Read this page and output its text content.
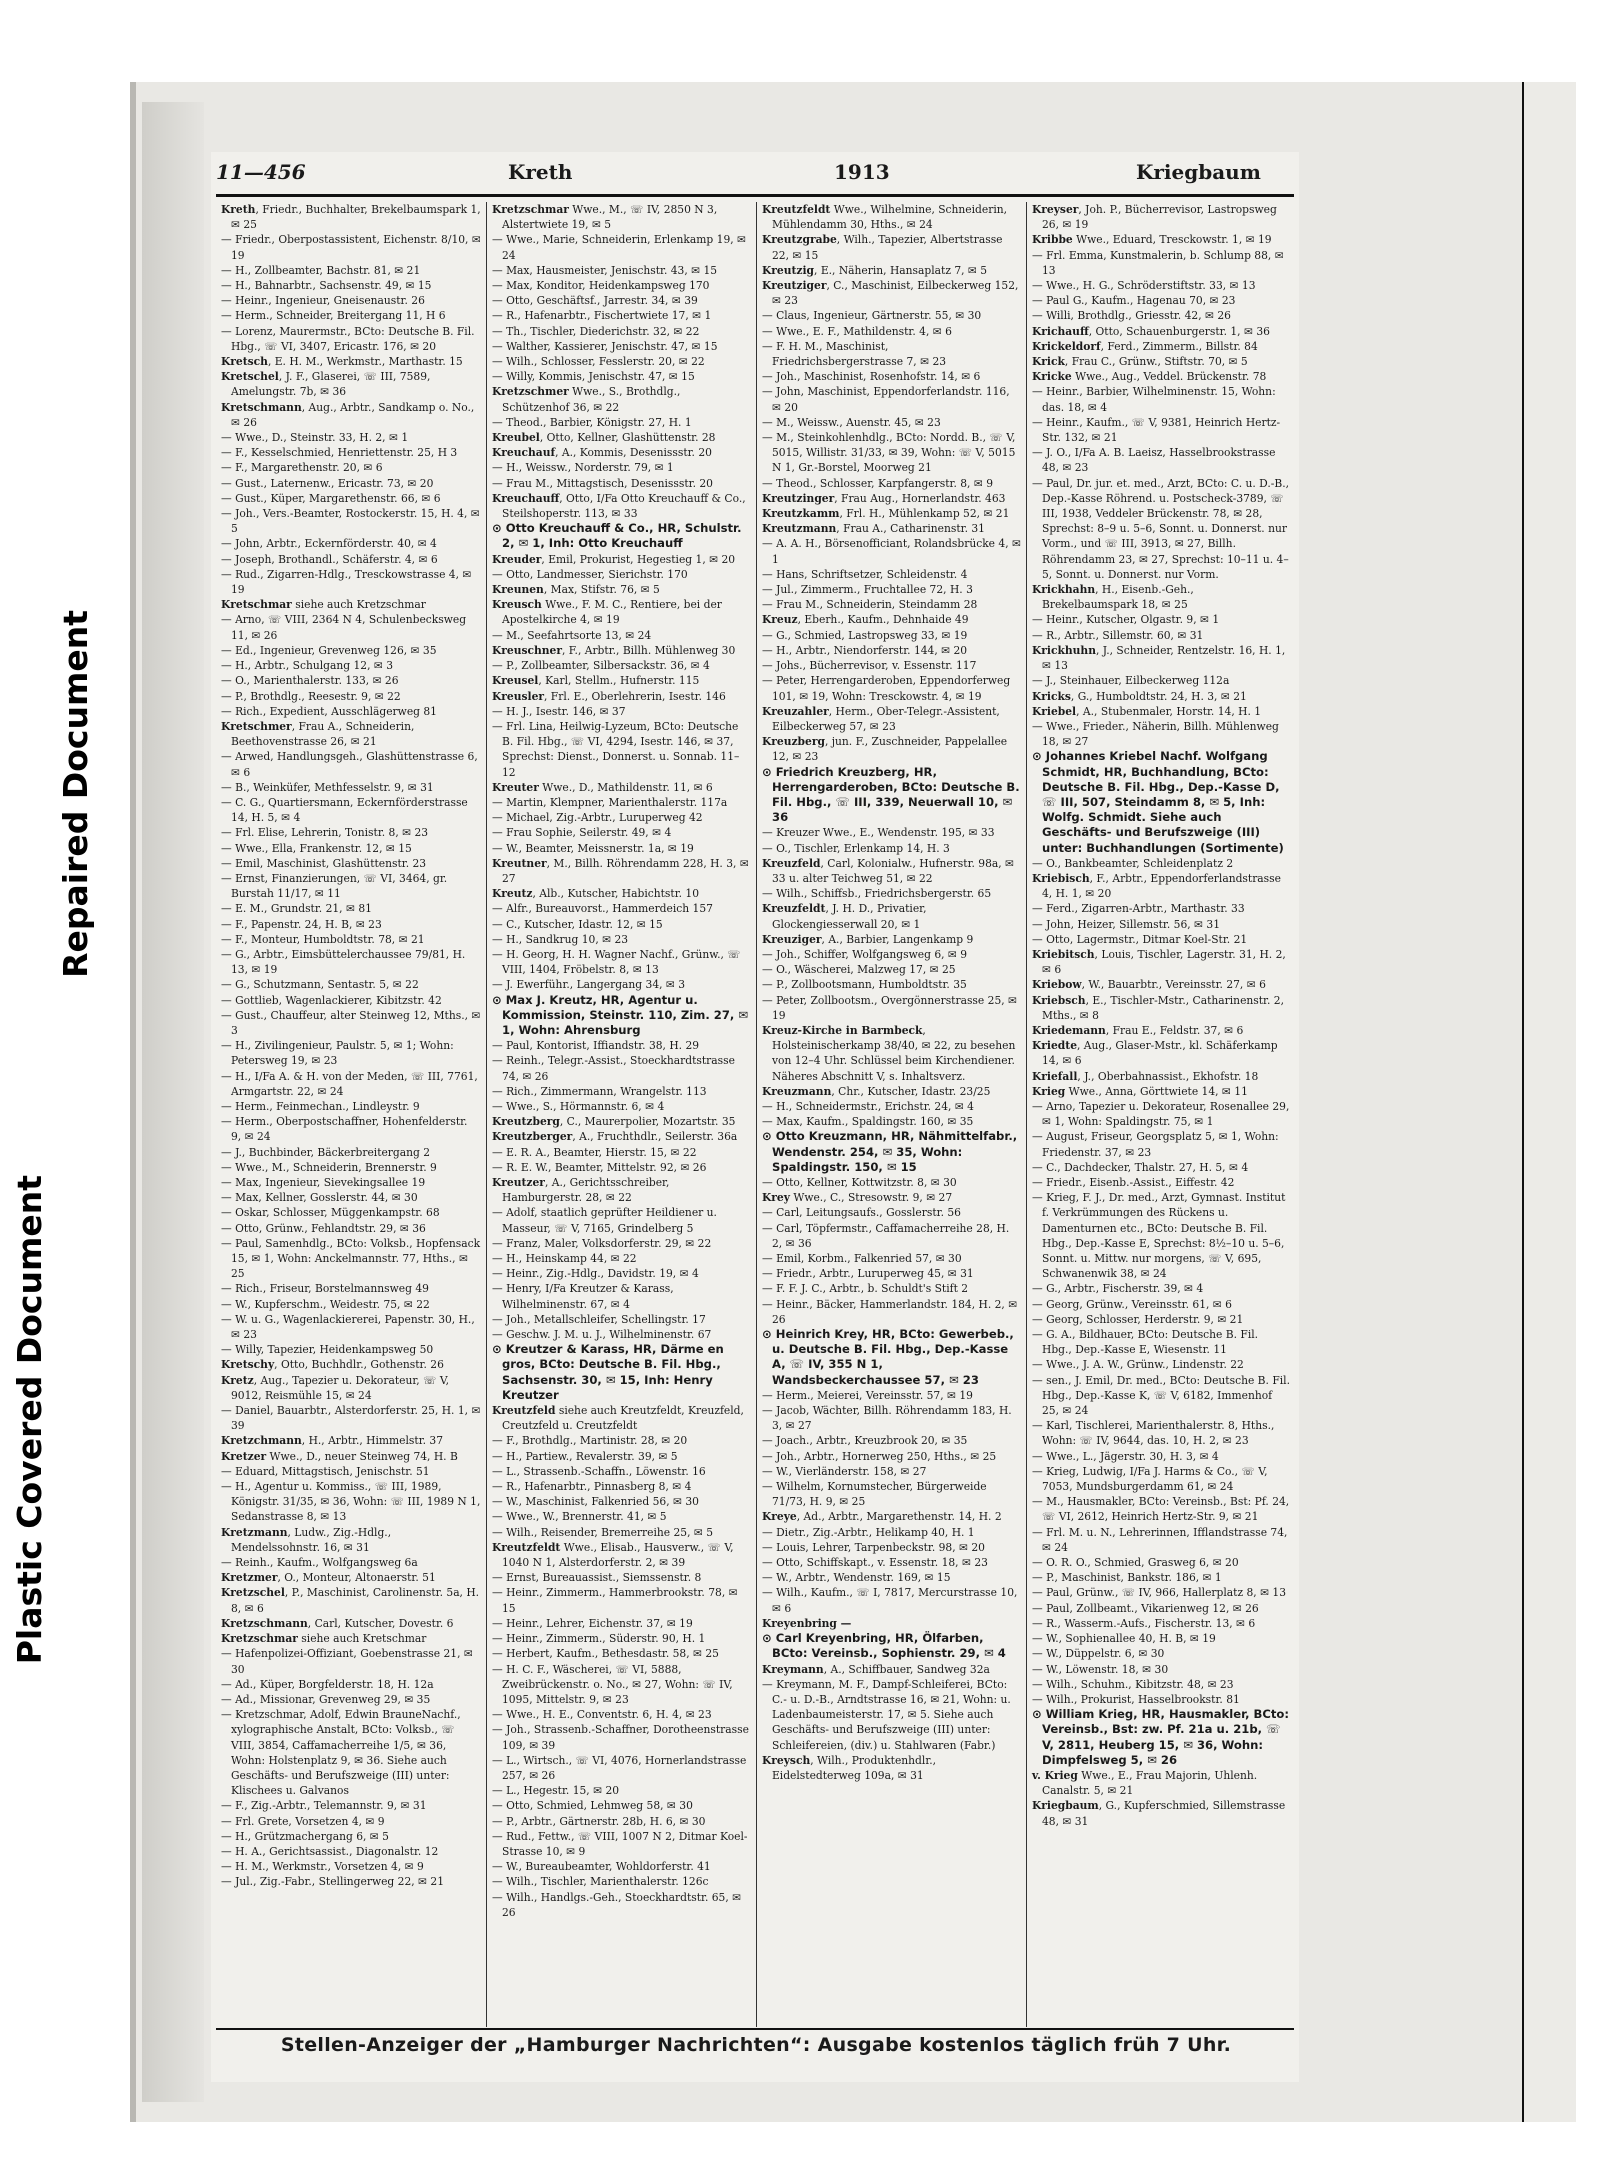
Plastic Covered Document
Repaired Document
11—456	Kreth	1913	Kriegbaum

Kreth, Friedr., Buchhalter, Brekelbaumspark 1, ✉ 25

— Friedr., Oberpostassistent, Eichenstr. 8/10, ✉ 19

— H., Zollbeamter, Bachstr. 81, ✉ 21

— H., Bahnarbtr., Sachsenstr. 49, ✉ 15

— Heinr., Ingenieur, Gneisenaustr. 26

— Herm., Schneider, Breitergang 11, H 6

— Lorenz, Maurermstr., BCto: Deutsche B. Fil. Hbg., ☏ VI, 3407, Ericastr. 176, ✉ 20

Kretsch, E. H. M., Werkmstr., Marthastr. 15

Kretschel, J. F., Glaserei, ☏ III, 7589, Amelungstr. 7b, ✉ 36

Kretschmann, Aug., Arbtr., Sandkamp o. No., ✉ 26

— Wwe., D., Steinstr. 33, H. 2, ✉ 1

— F., Kesselschmied, Henriettenstr. 25, H 3

— F., Margarethenstr. 20, ✉ 6

— Gust., Laternenw., Ericastr. 73, ✉ 20

— Gust., Küper, Margarethenstr. 66, ✉ 6

— Joh., Vers.-Beamter, Rostockerstr. 15, H. 4, ✉ 5

— John, Arbtr., Eckernförderstr. 40, ✉ 4

— Joseph, Brothandl., Schäferstr. 4, ✉ 6

— Rud., Zigarren-Hdlg., Tresckowstrasse 4, ✉ 19

Kretschmar siehe auch Kretzschmar

— Arno, ☏ VIII, 2364 N 4, Schulenbecksweg 11, ✉ 26

— Ed., Ingenieur, Grevenweg 126, ✉ 35

— H., Arbtr., Schulgang 12, ✉ 3

— O., Marienthalerstr. 133, ✉ 26

— P., Brothdlg., Reesestr. 9, ✉ 22

— Rich., Expedient, Ausschlägerweg 81

Kretschmer, Frau A., Schneiderin, Beethovenstrasse 26, ✉ 21

— Arwed, Handlungsgeh., Glashüttenstrasse 6, ✉ 6

— B., Weinküfer, Methfesselstr. 9, ✉ 31

— C. G., Quartiersmann, Eckernförderstrasse 14, H. 5, ✉ 4

— Frl. Elise, Lehrerin, Tonistr. 8, ✉ 23

— Wwe., Ella, Frankenstr. 12, ✉ 15

— Emil, Maschinist, Glashüttenstr. 23

— Ernst, Finanzierungen, ☏ VI, 3464, gr. Burstah 11/17, ✉ 11

— E. M., Grundstr. 21, ✉ 81

— F., Papenstr. 24, H. B, ✉ 23

— F., Monteur, Humboldtstr. 78, ✉ 21

— G., Arbtr., Eimsbüttelerchaussee 79/81, H. 13, ✉ 19

— G., Schutzmann, Sentastr. 5, ✉ 22

— Gottlieb, Wagenlackierer, Kibitzstr. 42

— Gust., Chauffeur, alter Steinweg 12, Mths., ✉ 3

— H., Zivilingenieur, Paulstr. 5, ✉ 1; Wohn: Petersweg 19, ✉ 23

— H., I/Fa A. & H. von der Meden, ☏ III, 7761, Armgartstr. 22, ✉ 24

— Herm., Feinmechan., Lindleystr. 9

— Herm., Oberpostschaffner, Hohenfelderstr. 9, ✉ 24

— J., Buchbinder, Bäckerbreitergang 2

— Wwe., M., Schneiderin, Brennerstr. 9

— Max, Ingenieur, Sievekingsallee 19

— Max, Kellner, Gosslerstr. 44, ✉ 30

— Oskar, Schlosser, Müggenkampstr. 68

— Otto, Grünw., Fehlandtstr. 29, ✉ 36

— Paul, Samenhdlg., BCto: Volksb., Hopfensack 15, ✉ 1, Wohn: Anckelmannstr. 77, Hths., ✉ 25

— Rich., Friseur, Borstelmannsweg 49

— W., Kupferschm., Weidestr. 75, ✉ 22

— W. u. G., Wagenlackiererei, Papenstr. 30, H., ✉ 23

— Willy, Tapezier, Heidenkampsweg 50

Kretschy, Otto, Buchhdlr., Gothenstr. 26

Kretz, Aug., Tapezier u. Dekorateur, ☏ V, 9012, Reismühle 15, ✉ 24

— Daniel, Bauarbtr., Alsterdorferstr. 25, H. 1, ✉ 39

Kretzchmann, H., Arbtr., Himmelstr. 37

Kretzer Wwe., D., neuer Steinweg 74, H. B

— Eduard, Mittagstisch, Jenischstr. 51

— H., Agentur u. Kommiss., ☏ III, 1989, Königstr. 31/35, ✉ 36, Wohn: ☏ III, 1989 N 1, Sedanstrasse 8, ✉ 13

Kretzmann, Ludw., Zig.-Hdlg., Mendelssohnstr. 16, ✉ 31

— Reinh., Kaufm., Wolfgangsweg 6a

Kretzmer, O., Monteur, Altonaerstr. 51

Kretzschel, P., Maschinist, Carolinenstr. 5a, H. 8, ✉ 6

Kretzschmann, Carl, Kutscher, Dovestr. 6

Kretzschmar siehe auch Kretschmar

— Hafenpolizei-Offiziant, Goebenstrasse 21, ✉ 30

— Ad., Küper, Borgfelderstr. 18, H. 12a

— Ad., Missionar, Grevenweg 29, ✉ 35

— Kretzschmar, Adolf, Edwin BrauneNachf., xylographische Anstalt, BCto: Volksb., ☏ VIII, 3854, Caffamacherreihe 1/5, ✉ 36, Wohn: Holstenplatz 9, ✉ 36. Siehe auch Geschäfts- und Berufszweige (III) unter: Klischees u. Galvanos

— F., Zig.-Arbtr., Telemannstr. 9, ✉ 31

— Frl. Grete, Vorsetzen 4, ✉ 9

— H., Grützmachergang 6, ✉ 5

— H. A., Gerichtsassist., Diagonalstr. 12

— H. M., Werkmstr., Vorsetzen 4, ✉ 9

— Jul., Zig.-Fabr., Stellingerweg 22, ✉ 21

Kretzschmar Wwe., M., ☏ IV, 2850 N 3, Alstertwiete 19, ✉ 5

— Wwe., Marie, Schneiderin, Erlenkamp 19, ✉ 24

— Max, Hausmeister, Jenischstr. 43, ✉ 15

— Max, Konditor, Heidenkampsweg 170

— Otto, Geschäftsf., Jarrestr. 34, ✉ 39

— R., Hafenarbtr., Fischertwiete 17, ✉ 1

— Th., Tischler, Diederichstr. 32, ✉ 22

— Walther, Kassierer, Jenischstr. 47, ✉ 15

— Wilh., Schlosser, Fesslerstr. 20, ✉ 22

— Willy, Kommis, Jenischstr. 47, ✉ 15

Kretzschmer Wwe., S., Brothdlg., Schützenhof 36, ✉ 22

— Theod., Barbier, Königstr. 27, H. 1

Kreubel, Otto, Kellner, Glashüttenstr. 28

Kreuchauf, A., Kommis, Desenissstr. 20

— H., Weissw., Norderstr. 79, ✉ 1

— Frau M., Mittagstisch, Desenissstr. 20

Kreuchauff, Otto, I/Fa Otto Kreuchauff & Co., Steilshoperstr. 113, ✉ 33

⊙ Otto Kreuchauff & Co., HR, Schulstr. 2, ✉ 1, Inh: Otto Kreuchauff

Kreuder, Emil, Prokurist, Hegestieg 1, ✉ 20

— Otto, Landmesser, Sierichstr. 170

Kreunen, Max, Stifstr. 76, ✉ 5

Kreusch Wwe., F. M. C., Rentiere, bei der Apostelkirche 4, ✉ 19

— M., Seefahrtsorte 13, ✉ 24

Kreuschner, F., Arbtr., Billh. Mühlenweg 30

— P., Zollbeamter, Silbersackstr. 36, ✉ 4

Kreusel, Karl, Stellm., Hufnerstr. 115

Kreusler, Frl. E., Oberlehrerin, Isestr. 146

— H. J., Isestr. 146, ✉ 37

— Frl. Lina, Heilwig-Lyzeum, BCto: Deutsche B. Fil. Hbg., ☏ VI, 4294, Isestr. 146, ✉ 37, Sprechst: Dienst., Donnerst. u. Sonnab. 11–12

Kreuter Wwe., D., Mathildenstr. 11, ✉ 6

— Martin, Klempner, Marienthalerstr. 117a

— Michael, Zig.-Arbtr., Luruperweg 42

— Frau Sophie, Seilerstr. 49, ✉ 4

— W., Beamter, Meissnerstr. 1a, ✉ 19

Kreutner, M., Billh. Röhrendamm 228, H. 3, ✉ 27

Kreutz, Alb., Kutscher, Habichtstr. 10

— Alfr., Bureauvorst., Hammerdeich 157

— C., Kutscher, Idastr. 12, ✉ 15

— H., Sandkrug 10, ✉ 23

— H. Georg, H. H. Wagner Nachf., Grünw., ☏ VIII, 1404, Fröbelstr. 8, ✉ 13

— J. Ewerführ., Langergang 34, ✉ 3

⊙ Max J. Kreutz, HR, Agentur u. Kommission, Steinstr. 110, Zim. 27, ✉ 1, Wohn: Ahrensburg

— Paul, Kontorist, Iffiandstr. 38, H. 29

— Reinh., Telegr.-Assist., Stoeckhardtstrasse 74, ✉ 26

— Rich., Zimmermann, Wrangelstr. 113

— Wwe., S., Hörmannstr. 6, ✉ 4

Kreutzberg, C., Maurerpolier, Mozartstr. 35

Kreutzberger, A., Fruchthdlr., Seilerstr. 36a

— E. R. A., Beamter, Hierstr. 15, ✉ 22

— R. E. W., Beamter, Mittelstr. 92, ✉ 26

Kreutzer, A., Gerichtsschreiber, Hamburgerstr. 28, ✉ 22

— Adolf, staatlich geprüfter Heildiener u. Masseur, ☏ V, 7165, Grindelberg 5

— Franz, Maler, Volksdorferstr. 29, ✉ 22

— H., Heinskamp 44, ✉ 22

— Heinr., Zig.-Hdlg., Davidstr. 19, ✉ 4

— Henry, I/Fa Kreutzer & Karass, Wilhelminenstr. 67, ✉ 4

— Joh., Metallschleifer, Schellingstr. 17

— Geschw. J. M. u. J., Wilhelminenstr. 67

⊙ Kreutzer & Karass, HR, Därme en gros, BCto: Deutsche B. Fil. Hbg., Sachsenstr. 30, ✉ 15, Inh: Henry Kreutzer

Kreutzfeld siehe auch Kreutzfeldt, Kreuzfeld, Creutzfeld u. Creutzfeldt

— F., Brothdlg., Martinistr. 28, ✉ 20

— H., Partiew., Revalerstr. 39, ✉ 5

— L., Strassenb.-Schaffn., Löwenstr. 16

— R., Hafenarbtr., Pinnasberg 8, ✉ 4

— W., Maschinist, Falkenried 56, ✉ 30

— Wwe., W., Brennerstr. 41, ✉ 5

— Wilh., Reisender, Bremerreihe 25, ✉ 5

Kreutzfeldt Wwe., Elisab., Hausverw., ☏ V, 1040 N 1, Alsterdorferstr. 2, ✉ 39

— Ernst, Bureauassist., Siemssenstr. 8

— Heinr., Zimmerm., Hammerbrookstr. 78, ✉ 15

— Heinr., Lehrer, Eichenstr. 37, ✉ 19

— Heinr., Zimmerm., Süderstr. 90, H. 1

— Herbert, Kaufm., Bethesdastr. 58, ✉ 25

— H. C. F., Wäscherei, ☏ VI, 5888, Zweibrückenstr. o. No., ✉ 27, Wohn: ☏ IV, 1095, Mittelstr. 9, ✉ 23

— Wwe., H. E., Conventstr. 6, H. 4, ✉ 23

— Joh., Strassenb.-Schaffner, Dorotheenstrasse 109, ✉ 39

— L., Wirtsch., ☏ VI, 4076, Hornerlandstrasse 257, ✉ 26

— L., Hegestr. 15, ✉ 20

— Otto, Schmied, Lehmweg 58, ✉ 30

— P., Arbtr., Gärtnerstr. 28b, H. 6, ✉ 30

— Rud., Fettw., ☏ VIII, 1007 N 2, Ditmar Koel-Strasse 10, ✉ 9

— W., Bureaubeamter, Wohldorferstr. 41

— Wilh., Tischler, Marienthalerstr. 126c

— Wilh., Handlgs.-Geh., Stoeckhardtstr. 65, ✉ 26

Kreutzfeldt Wwe., Wilhelmine, Schneiderin, Mühlendamm 30, Hths., ✉ 24

Kreutzgrabe, Wilh., Tapezier, Albertstrasse 22, ✉ 15

Kreutzig, E., Näherin, Hansaplatz 7, ✉ 5

Kreutziger, C., Maschinist, Eilbeckerweg 152, ✉ 23

— Claus, Ingenieur, Gärtnerstr. 55, ✉ 30

— Wwe., E. F., Mathildenstr. 4, ✉ 6

— F. H. M., Maschinist, Friedrichsbergerstrasse 7, ✉ 23

— Joh., Maschinist, Rosenhofstr. 14, ✉ 6

— John, Maschinist, Eppendorferlandstr. 116, ✉ 20

— M., Weissw., Auenstr. 45, ✉ 23

— M., Steinkohlenhdlg., BCto: Nordd. B., ☏ V, 5015, Willistr. 31/33, ✉ 39, Wohn: ☏ V, 5015 N 1, Gr.-Borstel, Moorweg 21

— Theod., Schlosser, Karpfangerstr. 8, ✉ 9

Kreutzinger, Frau Aug., Hornerlandstr. 463

Kreutzkamm, Frl. H., Mühlenkamp 52, ✉ 21

Kreutzmann, Frau A., Catharinenstr. 31

— A. A. H., Börsenofficiant, Rolandsbrücke 4, ✉ 1

— Hans, Schriftsetzer, Schleidenstr. 4

— Jul., Zimmerm., Fruchtallee 72, H. 3

— Frau M., Schneiderin, Steindamm 28

Kreuz, Eberh., Kaufm., Dehnhaide 49

— G., Schmied, Lastropsweg 33, ✉ 19

— H., Arbtr., Niendorferstr. 144, ✉ 20

— Johs., Bücherrevisor, v. Essenstr. 117

— Peter, Herrengarderoben, Eppendorferweg 101, ✉ 19, Wohn: Tresckowstr. 4, ✉ 19

Kreuzahler, Herm., Ober-Telegr.-Assistent, Eilbeckerweg 57, ✉ 23

Kreuzberg, jun. F., Zuschneider, Pappelallee 12, ✉ 23

⊙ Friedrich Kreuzberg, HR, Herrengarderoben, BCto: Deutsche B. Fil. Hbg., ☏ III, 339, Neuerwall 10, ✉ 36

— Kreuzer Wwe., E., Wendenstr. 195, ✉ 33

— O., Tischler, Erlenkamp 14, H. 3

Kreuzfeld, Carl, Kolonialw., Hufnerstr. 98a, ✉ 33 u. alter Teichweg 51, ✉ 22

— Wilh., Schiffsb., Friedrichsbergerstr. 65

Kreuzfeldt, J. H. D., Privatier, Glockengiesserwall 20, ✉ 1

Kreuziger, A., Barbier, Langenkamp 9

— Joh., Schiffer, Wolfgangsweg 6, ✉ 9

— O., Wäscherei, Malzweg 17, ✉ 25

— P., Zollbootsmann, Humboldtstr. 35

— Peter, Zollbootsm., Overgönnerstrasse 25, ✉ 19

Kreuz-Kirche in Barmbeck, Holsteinischerkamp 38/40, ✉ 22, zu besehen von 12–4 Uhr. Schlüssel beim Kirchendiener. Näheres Abschnitt V, s. Inhaltsverz.

Kreuzmann, Chr., Kutscher, Idastr. 23/25

— H., Schneidermstr., Erichstr. 24, ✉ 4

— Max, Kaufm., Spaldingstr. 160, ✉ 35

⊙ Otto Kreuzmann, HR, Nähmittelfabr., Wendenstr. 254, ✉ 35, Wohn: Spaldingstr. 150, ✉ 15

— Otto, Kellner, Kottwitzstr. 8, ✉ 30

Krey Wwe., C., Stresowstr. 9, ✉ 27

— Carl, Leitungsaufs., Gosslerstr. 56

— Carl, Töpfermstr., Caffamacherreihe 28, H. 2, ✉ 36

— Emil, Korbm., Falkenried 57, ✉ 30

— Friedr., Arbtr., Luruperweg 45, ✉ 31

— F. F. J. C., Arbtr., b. Schuldt's Stift 2

— Heinr., Bäcker, Hammerlandstr. 184, H. 2, ✉ 26

⊙ Heinrich Krey, HR, BCto: Gewerbeb., u. Deutsche B. Fil. Hbg., Dep.-Kasse A, ☏ IV, 355 N 1, Wandsbeckerchaussee 57, ✉ 23

— Herm., Meierei, Vereinsstr. 57, ✉ 19

— Jacob, Wächter, Billh. Röhrendamm 183, H. 3, ✉ 27

— Joach., Arbtr., Kreuzbrook 20, ✉ 35

— Joh., Arbtr., Hornerweg 250, Hths., ✉ 25

— W., Vierländerstr. 158, ✉ 27

— Wilhelm, Kornumstecher, Bürgerweide 71/73, H. 9, ✉ 25

Kreye, Ad., Arbtr., Margarethenstr. 14, H. 2

— Dietr., Zig.-Arbtr., Helikamp 40, H. 1

— Louis, Lehrer, Tarpenbeckstr. 98, ✉ 20

— Otto, Schiffskapt., v. Essenstr. 18, ✉ 23

— W., Arbtr., Wendenstr. 169, ✉ 15

— Wilh., Kaufm., ☏ I, 7817, Mercurstrasse 10, ✉ 6

Kreyenbring —

⊙ Carl Kreyenbring, HR, Ölfarben, BCto: Vereinsb., Sophienstr. 29, ✉ 4

Kreymann, A., Schiffbauer, Sandweg 32a

— Kreymann, M. F., Dampf-Schleiferei, BCto: C.- u. D.-B., Arndtstrasse 16, ✉ 21, Wohn: u. Ladenbaumeisterstr. 17, ✉ 5. Siehe auch Geschäfts- und Berufszweige (III) unter: Schleifereien, (div.) u. Stahlwaren (Fabr.)

Kreysch, Wilh., Produktenhdlr., Eidelstedterweg 109a, ✉ 31

Kreyser, Joh. P., Bücherrevisor, Lastropsweg 26, ✉ 19

Kribbe Wwe., Eduard, Tresckowstr. 1, ✉ 19

— Frl. Emma, Kunstmalerin, b. Schlump 88, ✉ 13

— Wwe., H. G., Schröderstiftstr. 33, ✉ 13

— Paul G., Kaufm., Hagenau 70, ✉ 23

— Willi, Brothdlg., Griesstr. 42, ✉ 26

Krichauff, Otto, Schauenburgerstr. 1, ✉ 36

Krickeldorf, Ferd., Zimmerm., Billstr. 84

Krick, Frau C., Grünw., Stiftstr. 70, ✉ 5

Kricke Wwe., Aug., Veddel. Brückenstr. 78

— Heinr., Barbier, Wilhelminenstr. 15, Wohn: das. 18, ✉ 4

— Heinr., Kaufm., ☏ V, 9381, Heinrich Hertz-Str. 132, ✉ 21

— J. O., I/Fa A. B. Laeisz, Hasselbrookstrasse 48, ✉ 23

— Paul, Dr. jur. et. med., Arzt, BCto: C. u. D.-B., Dep.-Kasse Röhrend. u. Postscheck-3789, ☏ III, 1938, Veddeler Brückenstr. 78, ✉ 28, Sprechst: 8–9 u. 5–6, Sonnt. u. Donnerst. nur Vorm., und ☏ III, 3913, ✉ 27, Billh. Röhrendamm 23, ✉ 27, Sprechst: 10–11 u. 4–5, Sonnt. u. Donnerst. nur Vorm.

Krickhahn, H., Eisenb.-Geh., Brekelbaumspark 18, ✉ 25

— Heinr., Kutscher, Olgastr. 9, ✉ 1

— R., Arbtr., Sillemstr. 60, ✉ 31

Krickhuhn, J., Schneider, Rentzelstr. 16, H. 1, ✉ 13

— J., Steinhauer, Eilbeckerweg 112a

Kricks, G., Humboldtstr. 24, H. 3, ✉ 21

Kriebel, A., Stubenmaler, Horstr. 14, H. 1

— Wwe., Frieder., Näherin, Billh. Mühlenweg 18, ✉ 27

⊙ Johannes Kriebel Nachf. Wolfgang Schmidt, HR, Buchhandlung, BCto: Deutsche B. Fil. Hbg., Dep.-Kasse D, ☏ III, 507, Steindamm 8, ✉ 5, Inh: Wolfg. Schmidt. Siehe auch Geschäfts- und Berufszweige (III) unter: Buchhandlungen (Sortimente)

— O., Bankbeamter, Schleidenplatz 2

Kriebisch, F., Arbtr., Eppendorferlandstrasse 4, H. 1, ✉ 20

— Ferd., Zigarren-Arbtr., Marthastr. 33

— John, Heizer, Sillemstr. 56, ✉ 31

— Otto, Lagermstr., Ditmar Koel-Str. 21

Kriebitsch, Louis, Tischler, Lagerstr. 31, H. 2, ✉ 6

Kriebow, W., Bauarbtr., Vereinsstr. 27, ✉ 6

Kriebsch, E., Tischler-Mstr., Catharinenstr. 2, Mths., ✉ 8

Kriedemann, Frau E., Feldstr. 37, ✉ 6

Kriedte, Aug., Glaser-Mstr., kl. Schäferkamp 14, ✉ 6

Kriefall, J., Oberbahnassist., Ekhofstr. 18

Krieg Wwe., Anna, Görttwiete 14, ✉ 11

— Arno, Tapezier u. Dekorateur, Rosenallee 29, ✉ 1, Wohn: Spaldingstr. 75, ✉ 1

— August, Friseur, Georgsplatz 5, ✉ 1, Wohn: Friedenstr. 37, ✉ 23

— C., Dachdecker, Thalstr. 27, H. 5, ✉ 4

— Friedr., Eisenb.-Assist., Eiffestr. 42

— Krieg, F. J., Dr. med., Arzt, Gymnast. Institut f. Verkrümmungen des Rückens u. Damenturnen etc., BCto: Deutsche B. Fil. Hbg., Dep.-Kasse E, Sprechst: 8½–10 u. 5–6, Sonnt. u. Mittw. nur morgens, ☏ V, 695, Schwanenwik 38, ✉ 24

— G., Arbtr., Fischerstr. 39, ✉ 4

— Georg, Grünw., Vereinsstr. 61, ✉ 6

— Georg, Schlosser, Herderstr. 9, ✉ 21

— G. A., Bildhauer, BCto: Deutsche B. Fil. Hbg., Dep.-Kasse E, Wiesenstr. 11

— Wwe., J. A. W., Grünw., Lindenstr. 22

— sen., J. Emil, Dr. med., BCto: Deutsche B. Fil. Hbg., Dep.-Kasse K, ☏ V, 6182, Immenhof 25, ✉ 24

— Karl, Tischlerei, Marienthalerstr. 8, Hths., Wohn: ☏ IV, 9644, das. 10, H. 2, ✉ 23

— Wwe., L., Jägerstr. 30, H. 3, ✉ 4

— Krieg, Ludwig, I/Fa J. Harms & Co., ☏ V, 7053, Mundsburgerdamm 61, ✉ 24

— M., Hausmakler, BCto: Vereinsb., Bst: Pf. 24, ☏ VI, 2612, Heinrich Hertz-Str. 9, ✉ 21

— Frl. M. u. N., Lehrerinnen, Ifflandstrasse 74, ✉ 24

— O. R. O., Schmied, Grasweg 6, ✉ 20

— P., Maschinist, Bankstr. 186, ✉ 1

— Paul, Grünw., ☏ IV, 966, Hallerplatz 8, ✉ 13

— Paul, Zollbeamt., Vikarienweg 12, ✉ 26

— R., Wasserm.-Aufs., Fischerstr. 13, ✉ 6

— W., Sophienallee 40, H. B, ✉ 19

— W., Düppelstr. 6, ✉ 30

— W., Löwenstr. 18, ✉ 30

— Wilh., Schuhm., Kibitzstr. 48, ✉ 23

— Wilh., Prokurist, Hasselbrookstr. 81

⊙ William Krieg, HR, Hausmakler, BCto: Vereinsb., Bst: zw. Pf. 21a u. 21b, ☏ V, 2811, Heuberg 15, ✉ 36, Wohn: Dimpfelsweg 5, ✉ 26

v. Krieg Wwe., E., Frau Majorin, Uhlenh. Canalstr. 5, ✉ 21

Kriegbaum, G., Kupferschmied, Sillemstrasse 48, ✉ 31

Stellen-Anzeiger der „Hamburger Nachrichten“: Ausgabe kostenlos täglich früh 7 Uhr.
